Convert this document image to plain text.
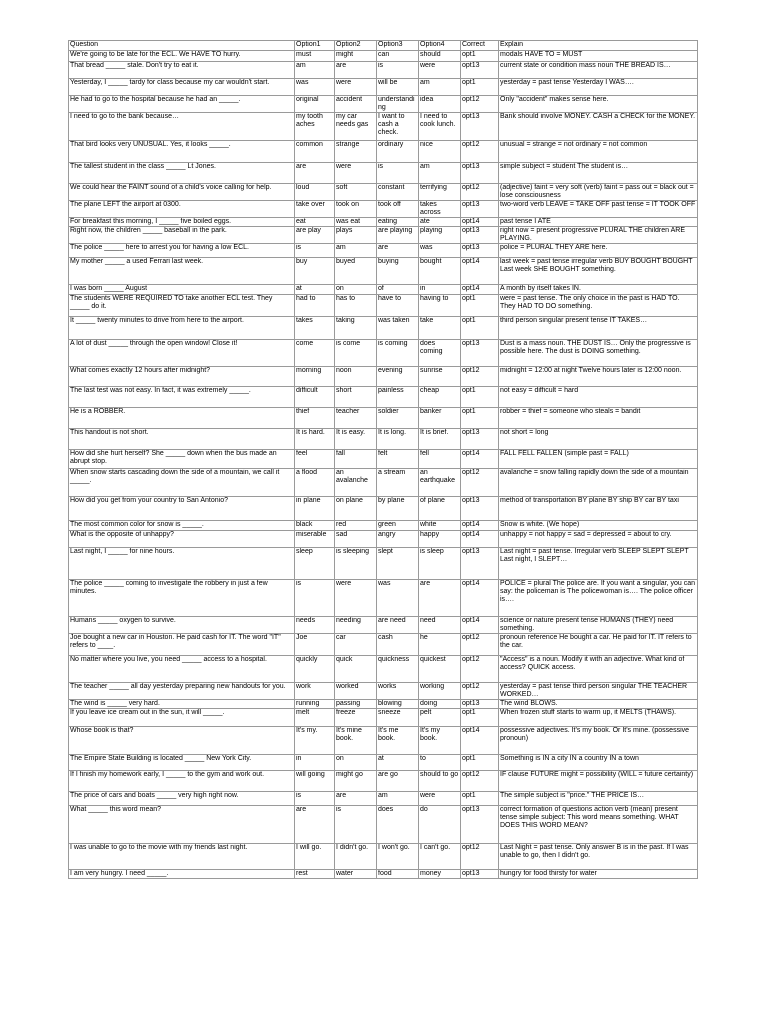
Question	Option1	Option2	Option3	Option4	Correct	Explain
We're going to be late for the ECL. We HAVE TO hurry.	must	might	can	should	opt1	modals HAVE TO = MUST
That bread _____ stale. Don't try to eat it.	am	are	is	were	opt13	current state or condition mass noun THE BREAD IS…
Yesterday, I _____ tardy for class because my car wouldn't start.	was	were	will be	am	opt1	yesterday = past tense Yesterday I WAS….
He had to go to the hospital because he had an _____.	original	accident	understanding	idea	opt12	Only "accident" makes sense here.
I need to go to the bank because…	my tooth aches	my car needs gas	I want to cash a check.	I need to cook lunch.	opt13	Bank should involve MONEY. CASH a CHECK for the MONEY.
That bird looks very UNUSUAL. Yes, it looks _____.	common	strange	ordinary	nice	opt12	unusual = strange = not ordinary = not common
The tallest student in the class _____ Lt Jones.	are	were	is	am	opt13	simple subject = student The student is…
We could hear the FAINT sound of a child's voice calling for help.	loud	soft	constant	terrifying	opt12	(adjective) faint = very soft (verb) faint = pass out = black out = lose consciousness
The plane LEFT the airport at 0300.	take over	took on	took off	takes across	opt13	two-word verb LEAVE = TAKE OFF past tense = IT TOOK OFF
For breakfast this morning, I _____ five boiled eggs.	eat	was eat	eating	ate	opt14	past tense I ATE
Right now, the children _____ baseball in the park.	are play	plays	are playing	playing	opt13	right now = present progressive PLURAL THE children ARE PLAYING.
The police _____ here to arrest you for having a low ECL.	is	am	are	was	opt13	police = PLURAL THEY ARE here.
My mother _____ a used Ferrari last week.	buy	buyed	buying	bought	opt14	last week = past tense irregular verb BUY BOUGHT BOUGHT Last week SHE BOUGHT something.
I was born _____ August	at	on	of	in	opt14	A month by itself takes IN.
The students WERE REQUIRED TO take another ECL test. They _____ do it.	had to	has to	have to	having to	opt1	were = past tense. The only choice in the past is HAD TO. They HAD TO DO something.
It _____ twenty minutes to drive from here to the airport.	takes	taking	was taken	take	opt1	third person singular present tense IT TAKES…
A lot of dust _____ through the open window! Close it!	come	is come	is coming	does coming	opt13	Dust is a mass noun. THE DUST IS… Only the progressive is possible here. The dust is DOING something.
What comes exactly 12 hours after midnight?	morning	noon	evening	sunrise	opt12	midnight = 12:00 at night Twelve hours later is 12:00 noon.
The last test was not easy. In fact, it was extremely _____.	difficult	short	painless	cheap	opt1	not easy = difficult = hard
He is a ROBBER.	thief	teacher	soldier	banker	opt1	robber = thief = someone who steals = bandit
This handout is not short.	It is hard.	It is easy.	It is long.	It is brief.	opt13	not short = long
How did she hurt herself? She _____ down when the bus made an abrupt stop.	feel	fall	felt	fell	opt14	FALL FELL FALLEN (simple past = FALL)
When snow starts cascading down the side of a mountain, we call it _____.	a flood	an avalanche	a stream	an earthquake	opt12	avalanche = snow falling rapidly down the side of a mountain
How did you get from your country to San Antonio?	in plane	on plane	by plane	of plane	opt13	method of transportation BY plane BY ship BY car BY taxi
The most common color for snow is _____.	black	red	green	white	opt14	Snow is white. (We hope)
What is the opposite of unhappy?	miserable	sad	angry	happy	opt14	unhappy = not happy = sad = depressed = about to cry.
Last night, I _____ for nine hours.	sleep	is sleeping	slept	is sleep	opt13	Last night = past tense. Irregular verb SLEEP SLEPT SLEPT Last night, I SLEPT…
The police _____ coming to investigate the robbery in just a few minutes.	is	were	was	are	opt14	POLICE = plural The police are. If you want a singular, you can say: the policeman is The policewoman is…. The police officer is….
Humans _____ oxygen to survive.	needs	needing	are need	need	opt14	science or nature present tense HUMANS (THEY) need something.
Joe bought a new car in Houston. He paid cash for IT. The word "IT" refers to ____.	Joe	car	cash	he	opt12	pronoun reference He bought a car. He paid for IT. IT refers to the car.
No matter where you live, you need _____ access to a hospital.	quickly	quick	quickness	quickest	opt12	"Access" is a noun. Modify it with an adjective. What kind of access? QUICK access.
The teacher _____ all day yesterday preparing new handouts for you.	work	worked	works	working	opt12	yesterday = past tense third person singular THE TEACHER WORKED…
The wind is _____ very hard.	running	passing	blowing	doing	opt13	The wind BLOWS.
If you leave ice cream out in the sun, it will _____.	melt	freeze	sneeze	pelt	opt1	When frozen stuff starts to warm up, it MELTS (THAWS).
Whose book is that?	It's my.	It's mine book.	It's me book.	It's my book.	opt14	possessive adjectives. It's my book. Or It's mine. (possessive pronoun)
The Empire State Building is located _____ New York City.	in	on	at	to	opt1	Something is IN a city IN a country IN a town
If I finish my homework early, I _____ to the gym and work out.	will going	might go	are go	should to go	opt12	IF clause FUTURE might = possibility (WILL = future certainty)
The price of cars and boats _____ very high right now.	is	are	am	were	opt1	The simple subject is "price." THE PRICE IS…
What _____ this word mean?	are	is	does	do	opt13	correct formation of questions action verb (mean) present tense simple subject: This word means something. WHAT DOES THIS WORD MEAN?
I was unable to go to the movie with my friends last night.	I will go.	I didn't go.	I won't go.	I can't go.	opt12	Last Night = past tense. Only answer B is in the past. If I was unable to go, then I didn't go.
I am very hungry. I need _____.	rest	water	food	money	opt13	hungry for food thirsty for water
